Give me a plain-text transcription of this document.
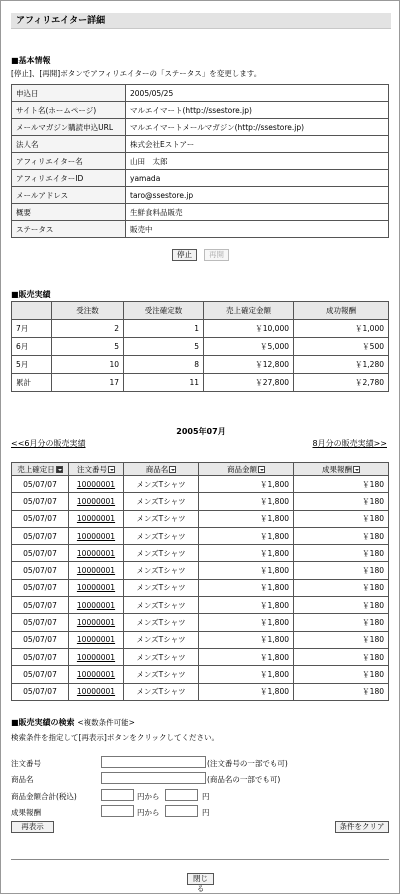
アフィリエイター詳細
■基本情報
[停止]、[再開]ボタンでアフィリエイターの「ステータス」を変更します。
申込日	2005/05/25
サイト名(ホームページ)	マルエイマート(http://ssestore.jp)
メールマガジン購読申込URL	マルエイマートメールマガジン(http://ssestore.jp)
法人名	株式会社Eストアー
アフィリエイター名	山田　太郎
アフィリエイターID	yamada
メールアドレス	taro@ssestore.jp
概要	生鮮食料品販売
ステータス	販売中
停止	再開
■販売実績
	受注数	受注確定数	売上確定金額	成功報酬
7月	2	1	￥10,000	￥1,000
6月	5	5	￥5,000	￥500
5月	10	8	￥12,800	￥1,280
累計	17	11	￥27,800	￥2,780
2005年07月
<<6月分の販売実績	8月分の販売実績>>
売上確定日	注文番号	商品名	商品金額	成果報酬
05/07/07	10000001	メンズTシャツ	￥1,800	￥180
05/07/07	10000001	メンズTシャツ	￥1,800	￥180
05/07/07	10000001	メンズTシャツ	￥1,800	￥180
05/07/07	10000001	メンズTシャツ	￥1,800	￥180
05/07/07	10000001	メンズTシャツ	￥1,800	￥180
05/07/07	10000001	メンズTシャツ	￥1,800	￥180
05/07/07	10000001	メンズTシャツ	￥1,800	￥180
05/07/07	10000001	メンズTシャツ	￥1,800	￥180
05/07/07	10000001	メンズTシャツ	￥1,800	￥180
05/07/07	10000001	メンズTシャツ	￥1,800	￥180
05/07/07	10000001	メンズTシャツ	￥1,800	￥180
05/07/07	10000001	メンズTシャツ	￥1,800	￥180
05/07/07	10000001	メンズTシャツ	￥1,800	￥180
■販売実績の検索 <複数条件可能>
検索条件を指定して[再表示]ボタンをクリックしてください。
注文番号	(注文番号の一部でも可)
商品名	(商品名の一部でも可)
商品金額合計(税込)	円から	円
成果報酬	円から	円
再表示	条件をクリア
閉じる
